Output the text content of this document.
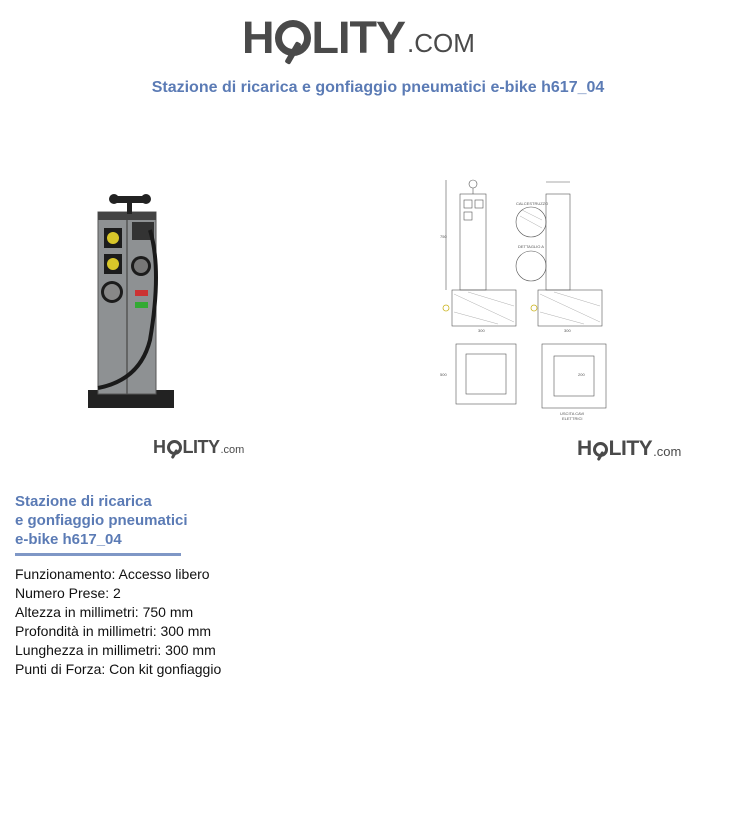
H LITY .COM
Stazione di ricarica e gonfiaggio pneumatici e-bike h617_04
750
300	300
500	200
CALCESTRUZZO
DETTAGLIO A
USCITA CAVI
ELETTRICI
H LITY .com	H LITY .com
Stazione di ricarica
e gonfiaggio pneumatici
e-bike h617_04
Funzionamento: Accesso libero
Numero Prese: 2
Altezza in millimetri: 750 mm
Profondità in millimetri: 300 mm
Lunghezza in millimetri: 300 mm
Punti di Forza: Con kit gonfiaggio
